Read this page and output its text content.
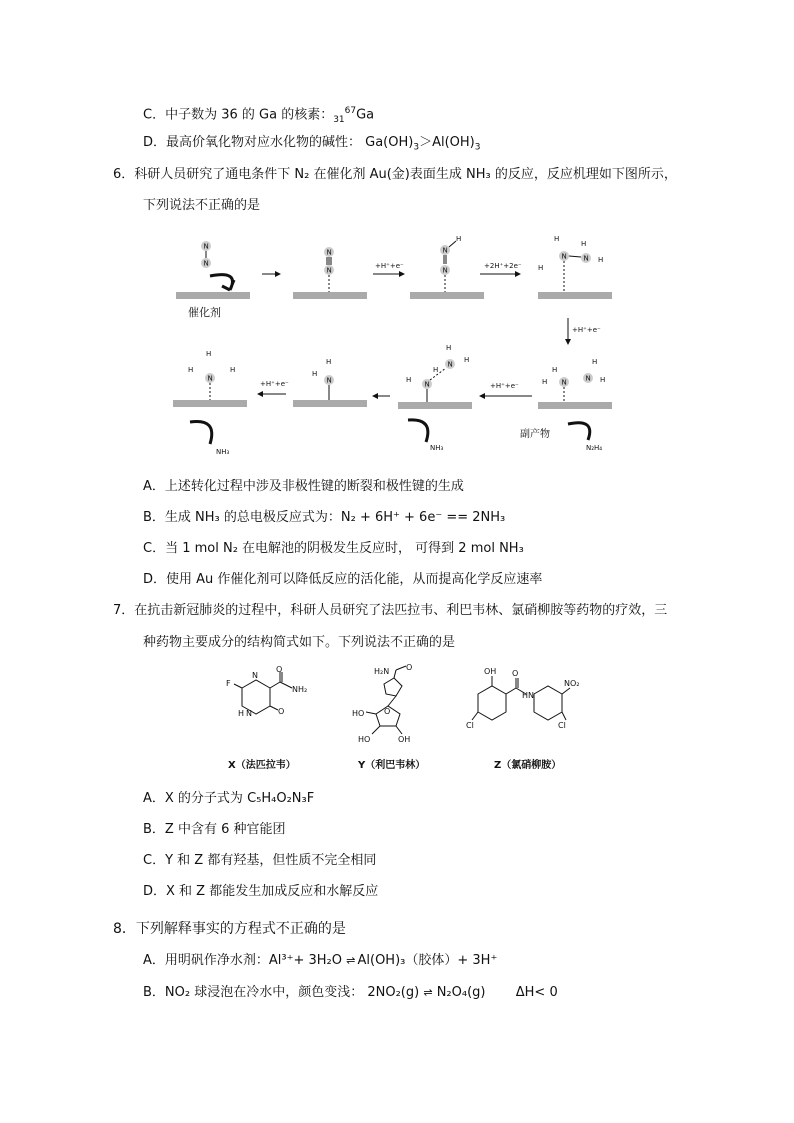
C．中子数为 36 的 Ga 的核素：$_{31}^{67}$Ga
D．最高价氧化物对应水化物的碱性： $Ga(OH)_3>Al(OH)_3$
6．科研人员研究了通电条件下 N₂ 在催化剂 Au(金)表面生成 NH₃ 的反应，反应机理如下图所示，
下列说法不正确的是
N
N
催化剂
N
N
+H⁺+e⁻
N
H
N
+2H⁺+2e⁻
H
N N H
H
H
+H⁺+e⁻
H
N	N H
H
H
副产物
N₂H₄
+H⁺+e⁻
H
N
N
H
H
H
NH₃
H
N
H
+H⁺+e⁻
H
N
H	H
NH₃
A．上述转化过程中涉及非极性键的断裂和极性键的生成
B．生成 NH₃ 的总电极反应式为：N₂ + 6H⁺ + 6e⁻ == 2NH₃
C．当 1 mol N₂ 在电解池的阴极发生反应时， 可得到 2 mol NH₃
D．使用 Au 作催化剂可以降低反应的活化能，从而提高化学反应速率
7．在抗击新冠肺炎的过程中，科研人员研究了法匹拉韦、利巴韦林、氯硝柳胺等药物的疗效，三
种药物主要成分的结构简式如下。下列说法不正确的是
O
NH₂
F
O
N
H N
H₂N O
O
HO
HO	OH
OH O
H N
NO₂
Cl
Cl
X（法匹拉韦）	Y（利巴韦林）	Z（氯硝柳胺）
A．X 的分子式为 C₅H₄O₂N₃F
B．Z 中含有 6 种官能团
C．Y 和 Z 都有羟基，但性质不完全相同
D．X 和 Z 都能发生加成反应和水解反应
8．下列解释事实的方程式不正确的是
A．用明矾作净水剂：Al³⁺+ 3H₂O ⇌ Al(OH)₃（胶体）+ 3H⁺
B．NO₂ 球浸泡在冷水中，颜色变浅： 2NO₂(g) ⇌ N₂O₄(g) ΔH< 0
